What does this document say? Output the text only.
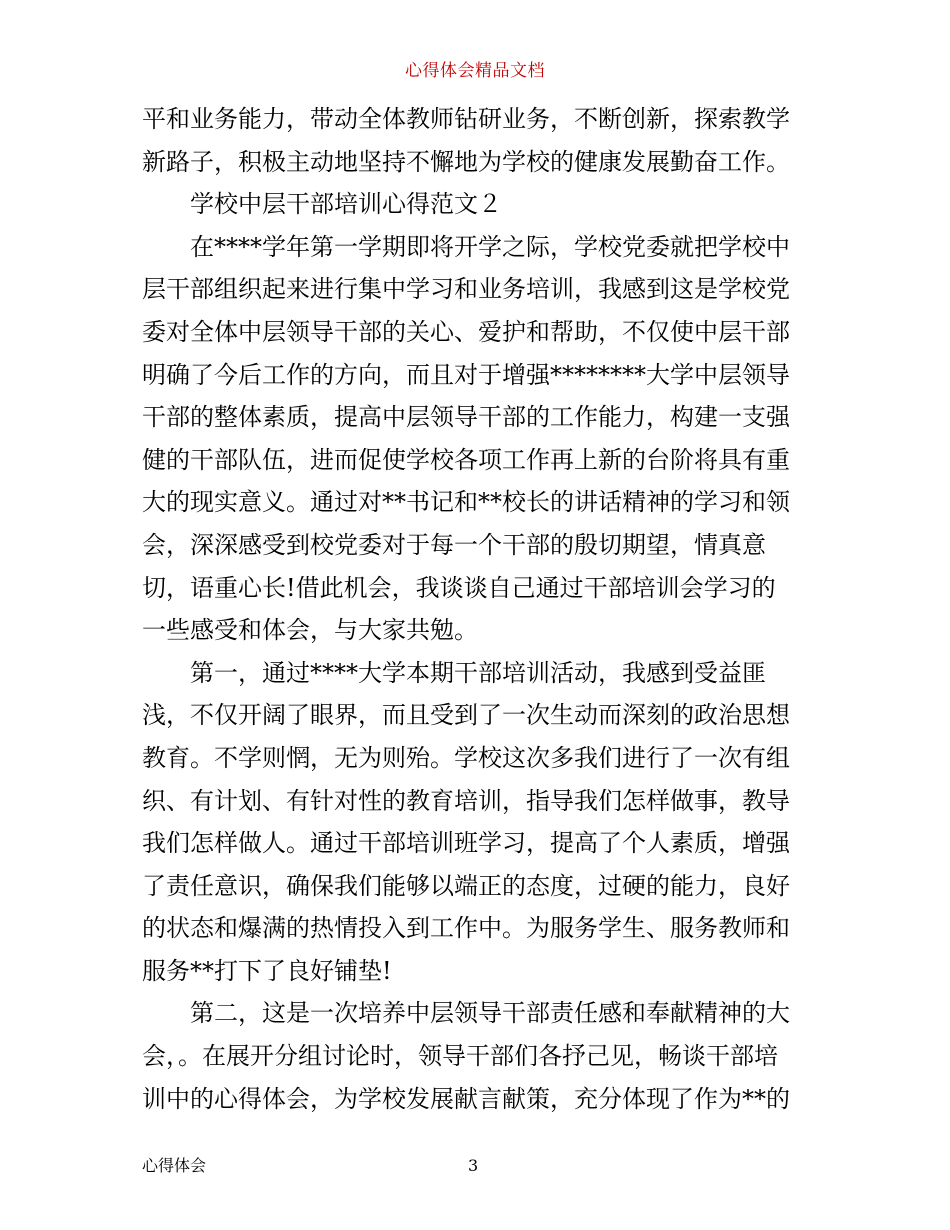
心得体会精品文档
平和业务能力，带动全体教师钻研业务，不断创新，探索教学
新路子，积极主动地坚持不懈地为学校的健康发展勤奋工作。
学校中层干部培训心得范文２
在****学年第一学期即将开学之际，学校党委就把学校中
层干部组织起来进行集中学习和业务培训，我感到这是学校党
委对全体中层领导干部的关心、爱护和帮助，不仅使中层干部
明确了今后工作的方向，而且对于增强********大学中层领导
干部的整体素质，提高中层领导干部的工作能力，构建一支强
健的干部队伍，进而促使学校各项工作再上新的台阶将具有重
大的现实意义。通过对**书记和**校长的讲话精神的学习和领
会，深深感受到校党委对于每一个干部的殷切期望，情真意
切，语重心长!借此机会，我谈谈自己通过干部培训会学习的
一些感受和体会，与大家共勉。
第一，通过****大学本期干部培训活动，我感到受益匪
浅，不仅开阔了眼界，而且受到了一次生动而深刻的政治思想
教育。不学则惘，无为则殆。学校这次多我们进行了一次有组
织、有计划、有针对性的教育培训，指导我们怎样做事，教导
我们怎样做人。通过干部培训班学习，提高了个人素质，增强
了责任意识，确保我们能够以端正的态度，过硬的能力，良好
的状态和爆满的热情投入到工作中。为服务学生、服务教师和
服务**打下了良好铺垫!
第二，这是一次培养中层领导干部责任感和奉献精神的大
会，。在展开分组讨论时，领导干部们各抒己见，畅谈干部培
训中的心得体会，为学校发展献言献策，充分体现了作为**的
心得体会	3
